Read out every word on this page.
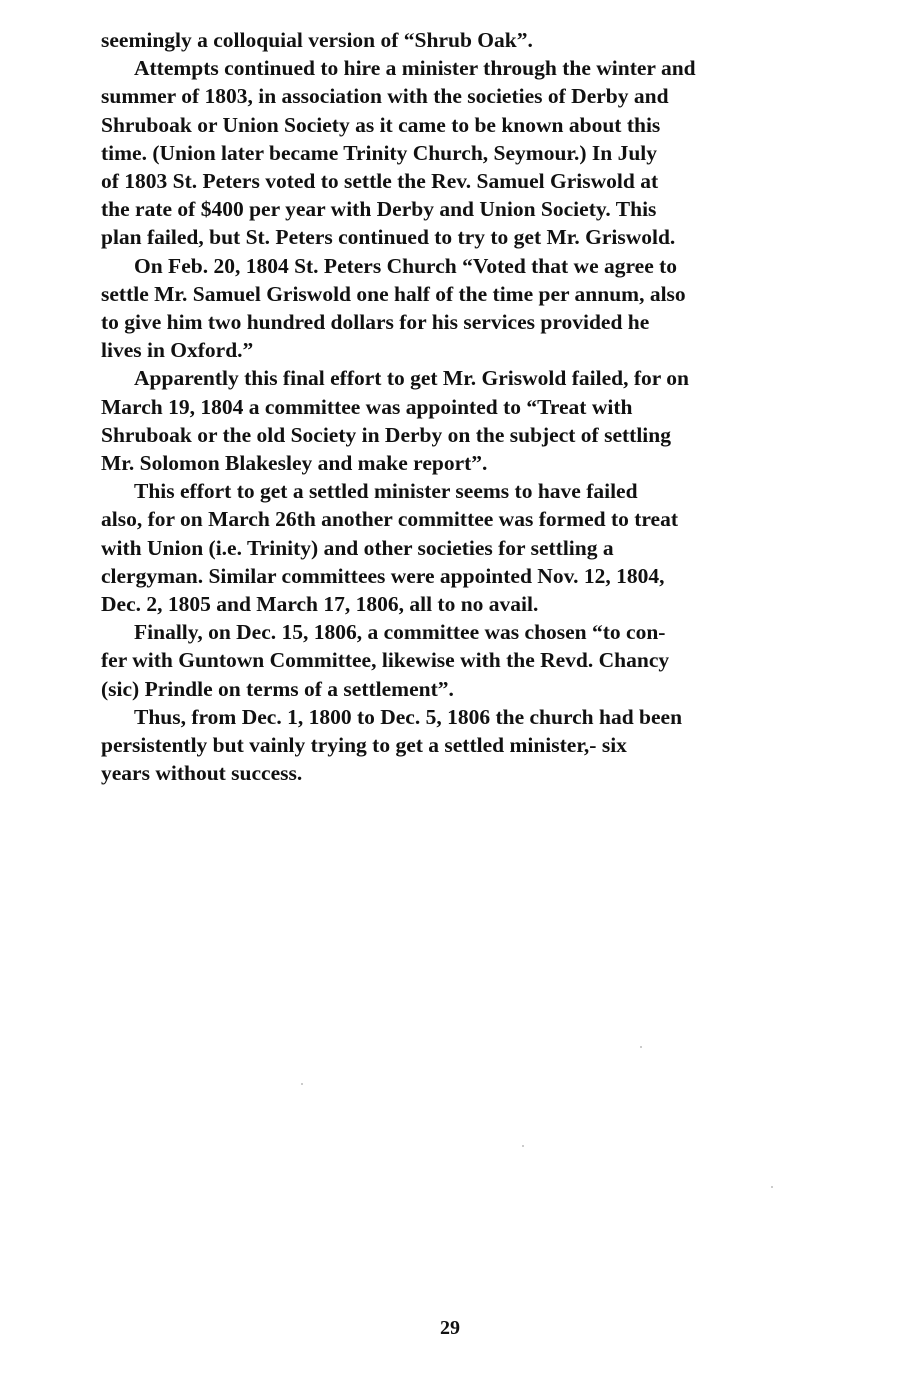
seemingly a colloquial version of “Shrub Oak”.

Attempts continued to hire a minister through the winter and
summer of 1803, in association with the societies of Derby and
Shruboak or Union Society as it came to be known about this
time. (Union later became Trinity Church, Seymour.) In July
of 1803 St. Peters voted to settle the Rev. Samuel Griswold at
the rate of $400 per year with Derby and Union Society. This
plan failed, but St. Peters continued to try to get Mr. Griswold.

On Feb. 20, 1804 St. Peters Church “Voted that we agree to
settle Mr. Samuel Griswold one half of the time per annum, also
to give him two hundred dollars for his services provided he
lives in Oxford.”

Apparently this final effort to get Mr. Griswold failed, for on
March 19, 1804 a committee was appointed to “Treat with
Shruboak or the old Society in Derby on the subject of settling
Mr. Solomon Blakesley and make report”.

This effort to get a settled minister seems to have failed
also, for on March 26th another committee was formed to treat
with Union (i.e. Trinity) and other societies for settling a
clergyman. Similar committees were appointed Nov. 12, 1804,
Dec. 2, 1805 and March 17, 1806, all to no avail.

Finally, on Dec. 15, 1806, a committee was chosen “to con-
fer with Guntown Committee, likewise with the Revd. Chancy
(sic) Prindle on terms of a settlement”.

Thus, from Dec. 1, 1800 to Dec. 5, 1806 the church had been
persistently but vainly trying to get a settled minister,- six
years without success.

29
